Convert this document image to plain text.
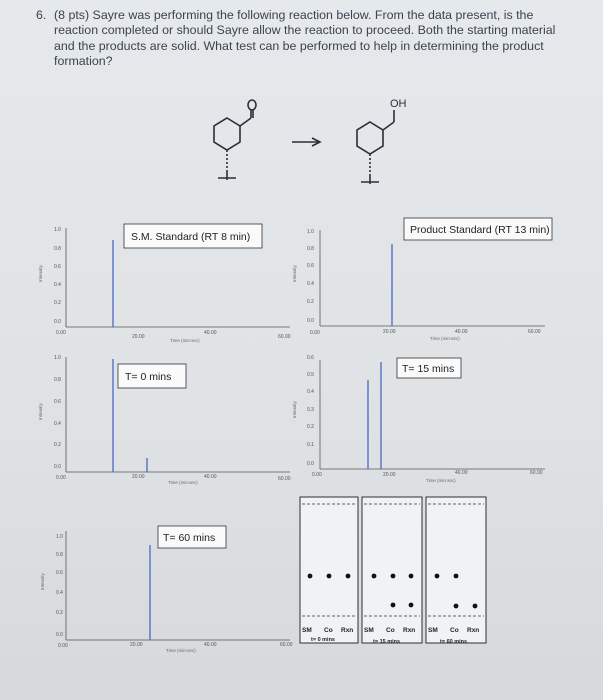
6. (8 pts) Sayre was performing the following reaction below. From the data present, is the reaction completed or should Sayre allow the reaction to proceed. Both the starting material and the products are solid. What test can be performed to help in determining the product formation?
OH
S.M. Standard (RT 8 min)
1.0
0.8
0.6
0.4
0.2
0.0
0.00
20.00
40.00
60.00
Time (min:sec)
Intensity
Product Standard (RT 13 min)
1.0
0.8
0.6
0.4
0.2
0.0
0.00	20.00	40.00	60.00
Time (min:sec)
Intensity
T= 0 mins
1.0
0.8
0.6
0.4
0.2
0.0
0.00	20.00	40.00	60.00
Time (min:sec)
Intensity
T= 15 mins
0.6
0.5
0.4
0.3
0.2
0.1
0.0
0.00	20.00	40.00	60.00
Time (min:sec)
Intensity
T= 60 mins
1.0
0.8
0.6
0.4
0.2
0.0
0.00	20.00	40.00	60.00
Time (min:sec)
Intensity
SM Co Rxn
t= 0 mins
SM Co Rxn
t= 15 mins
SM Co Rxn
t= 60 mins
